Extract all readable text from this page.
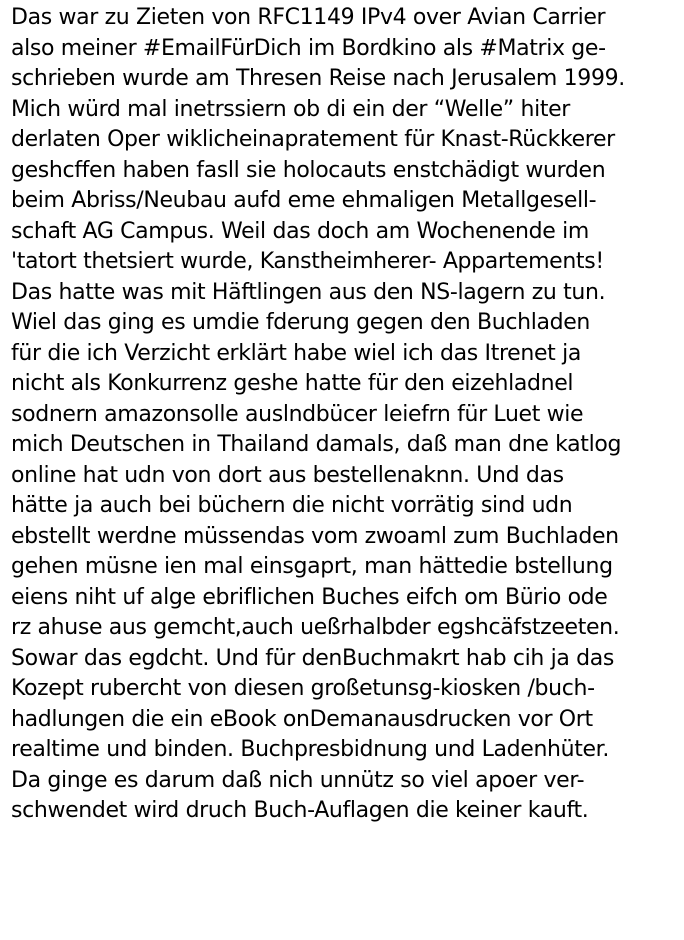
Das war zu Zieten von RFC1149 IPv4 over Avian Carrier
also meiner #EmailFürDich im Bordkino als #Matrix ge-
schrieben wurde am Thresen Reise nach Jerusalem 1999.
Mich würd mal inetrssiern ob di ein der “Welle” hiter
derlaten Oper wiklicheinapratement für Knast-Rückkerer
geshcffen haben fasll sie holocauts enstchädigt wurden
beim Abriss/Neubau aufd eme ehmaligen Metallgesell-
schaft AG Campus. Weil das doch am Wochenende im
'tatort thetsiert wurde, Kanstheimherer- Appartements!
Das hatte was mit Häftlingen aus den NS-lagern zu tun.
Wiel das ging es umdie fderung gegen den Buchladen
für die ich Verzicht erklärt habe wiel ich das Itrenet ja
nicht als Konkurrenz geshe hatte für den eizehladnel
sodnern amazonsolle auslndbücer leiefrn für Luet wie
mich Deutschen in Thailand damals, daß man dne katlog
online hat udn von dort aus bestellenaknn. Und das
hätte ja auch bei büchern die nicht vorrätig sind udn
ebstellt werdne müssendas vom zwoaml zum Buchladen
gehen müsne ien mal einsgaprt, man hättedie bstellung
eiens niht uf alge ebriflichen Buches eifch om Bürio ode
rz ahuse aus gemcht,auch ueßrhalbder egshcäfstzeeten.
Sowar das egdcht. Und für denBuchmakrt hab cih ja das
Kozept rubercht von diesen großetunsg-kiosken /buch-
hadlungen die ein eBook onDemanausdrucken vor Ort
realtime und binden. Buchpresbidnung und Ladenhüter.
Da ginge es darum daß nich unnütz so viel apoer ver-
schwendet wird druch Buch-Auflagen die keiner kauft.
